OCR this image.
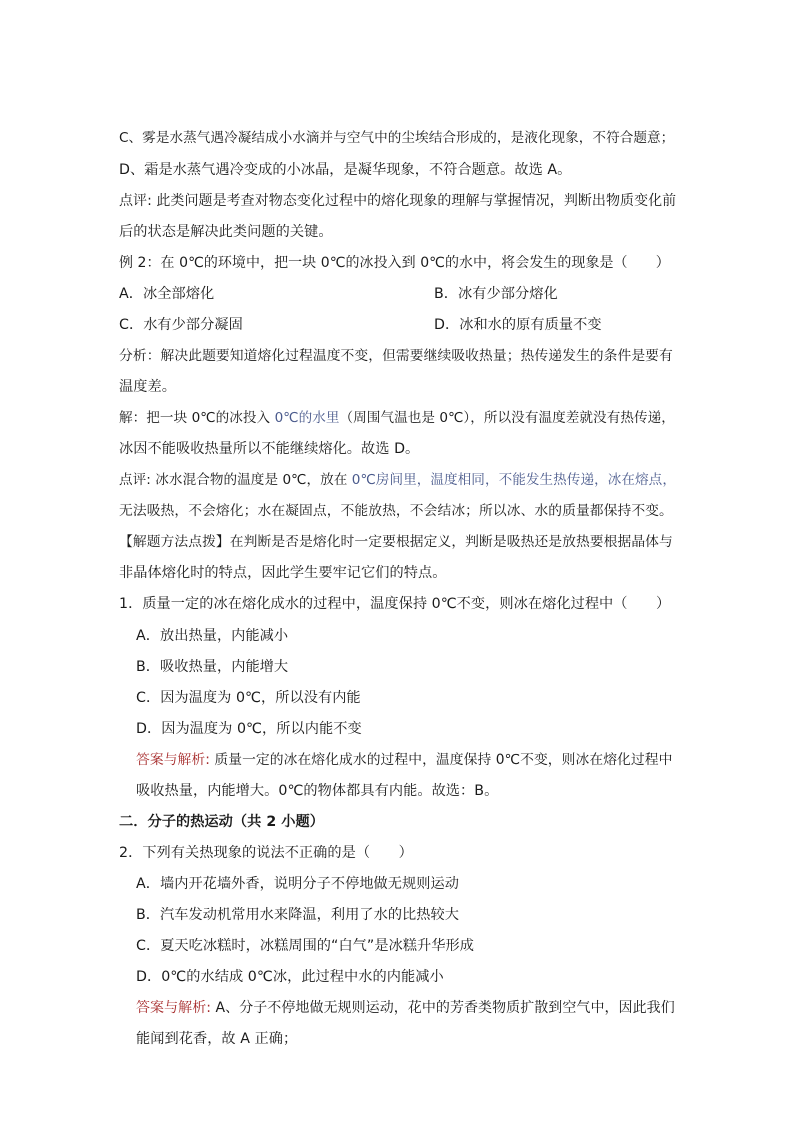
C、雾是水蒸气遇冷凝结成小水滴并与空气中的尘埃结合形成的，是液化现象，不符合题意；
D、霜是水蒸气遇冷变成的小冰晶，是凝华现象，不符合题意。故选 A。
点评: 此类问题是考查对物态变化过程中的熔化现象的理解与掌握情况，判断出物质变化前
后的状态是解决此类问题的关键。
例 2：在 0℃的环境中，把一块 0℃的冰投入到 0℃的水中，将会发生的现象是（　　）
A．冰全部熔化	B．冰有少部分熔化
C．水有少部分凝固	D．冰和水的原有质量不变
分析：解决此题要知道熔化过程温度不变，但需要继续吸收热量；热传递发生的条件是要有
温度差。
解：把一块 0℃的冰投入 0℃的水里（周围气温也是 0℃），所以没有温度差就没有热传递，
冰因不能吸收热量所以不能继续熔化。故选 D。
点评: 冰水混合物的温度是 0℃，放在 0℃房间里，温度相同，不能发生热传递，冰在熔点，
无法吸热，不会熔化；水在凝固点，不能放热，不会结冰；所以冰、水的质量都保持不变。
【解题方法点拨】在判断是否是熔化时一定要根据定义，判断是吸热还是放热要根据晶体与
非晶体熔化时的特点，因此学生要牢记它们的特点。
1．质量一定的冰在熔化成水的过程中，温度保持 0℃不变，则冰在熔化过程中（　　）
A．放出热量，内能减小
B．吸收热量，内能增大
C．因为温度为 0℃，所以没有内能
D．因为温度为 0℃，所以内能不变
答案与解析: 质量一定的冰在熔化成水的过程中，温度保持 0℃不变，则冰在熔化过程中
吸收热量，内能增大。0℃的物体都具有内能。故选：B。
二．分子的热运动（共 2 小题）
2．下列有关热现象的说法不正确的是（　　）
A．墙内开花墙外香，说明分子不停地做无规则运动
B．汽车发动机常用水来降温，利用了水的比热较大
C．夏天吃冰糕时，冰糕周围的“白气”是冰糕升华形成
D．0℃的水结成 0℃冰，此过程中水的内能减小
答案与解析: A、分子不停地做无规则运动，花中的芳香类物质扩散到空气中，因此我们
能闻到花香，故 A 正确；
